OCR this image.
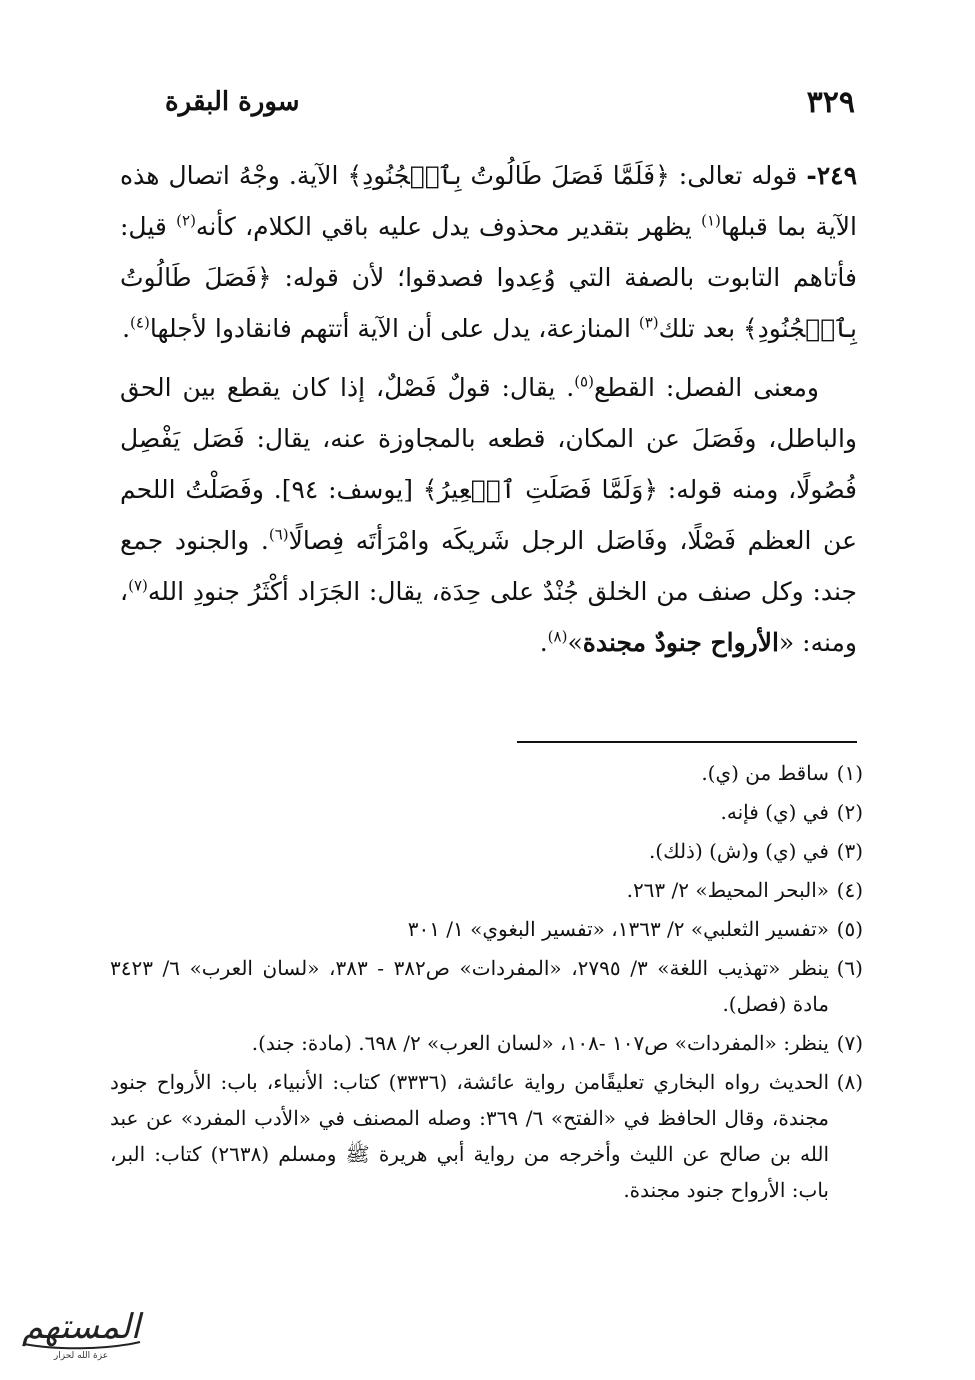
٣٢٩
سورة البقرة

٢٤٩- قوله تعالى: ﴿فَلَمَّا فَصَلَ طَالُوتُ بِٱلۡجُنُودِ﴾ الآية. وجْهُ اتصال هذه الآية بما قبلها$^{(١)}$ يظهر بتقدير محذوف يدل عليه باقي الكلام، كأنه$^{(٢)}$ قيل: فأتاهم التابوت بالصفة التي وُعِدوا فصدقوا؛ لأن قوله: ﴿فَصَلَ طَالُوتُ بِٱلۡجُنُودِ﴾ بعد تلك$^{(٣)}$ المنازعة، يدل على أن الآية أتتهم فانقادوا لأجلها$^{(٤)}$.

ومعنى الفصل: القطع$^{(٥)}$. يقال: قولٌ فَصْلٌ، إذا كان يقطع بين الحق والباطل، وفَصَلَ عن المكان، قطعه بالمجاوزة عنه، يقال: فَصَل يَفْصِل فُصُولًا، ومنه قوله: ﴿وَلَمَّا فَصَلَتِ ٱلۡعِيرُ﴾ [يوسف: ٩٤]. وفَصَلْتُ اللحم عن العظم فَصْلًا، وفَاصَل الرجل شَريكَه وامْرَأتَه فِصالًا$^{(٦)}$. والجنود جمع جند: وكل صنف من الخلق جُنْدٌ على حِدَة، يقال: الجَرَاد أكْثَرُ جنودِ الله$^{(٧)}$، ومنه: «الأرواح جنودٌ مجندة»$^{(٨)}$.

(١)ساقط من (ي).
(٢)في (ي) فإنه.
(٣)في (ي) و(ش) (ذلك).
(٤)«البحر المحيط» ٢/ ٢٦٣.
(٥)«تفسير الثعلبي» ٢/ ١٣٦٣، «تفسير البغوي» ١/ ٣٠١
(٦)ينظر «تهذيب اللغة» ٣/ ٢٧٩٥، «المفردات» ص٣٨٢ - ٣٨٣، «لسان العرب» ٦/ ٣٤٢٣ مادة (فصل).
(٧)ينظر: «المفردات» ص١٠٧ -١٠٨، «لسان العرب» ٢/ ٦٩٨. (مادة: جند).
(٨)الحديث رواه البخاري تعليقًامن رواية عائشة، (٣٣٣٦) كتاب: الأنبياء، باب: الأرواح جنود مجندة، وقال الحافظ في «الفتح» ٦/ ٣٦٩: وصله المصنف في «الأدب المفرد» عن عبد الله بن صالح عن الليث وأخرجه من رواية أبي هريرة ﷺ ومسلم (٢٦٣٨) كتاب: البر، باب: الأرواح جنود مجندة.
المستهم
عزة الله لحزار
